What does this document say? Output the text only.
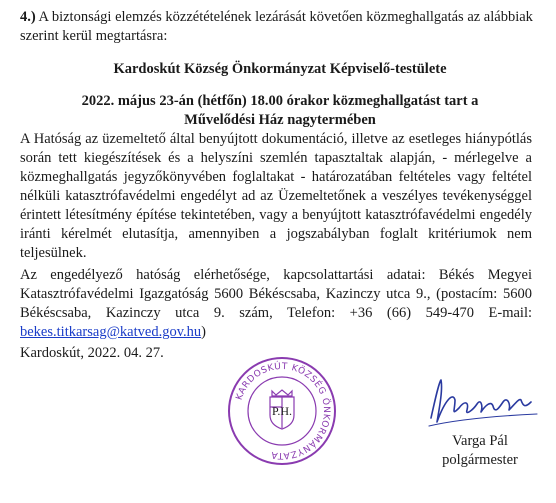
4.) A biztonsági elemzés közzétételének lezárását követően közmeghallgatás az alábbiak szerint kerül megtartásra:
Kardoskút Község Önkormányzat Képviselő-testülete
2022. május 23-án (hétfőn) 18.00 órakor közmeghallgatást tart a
Művelődési Ház nagytermében
A Hatóság az üzemeltető által benyújtott dokumentáció, illetve az esetleges hiánypótlás során tett kiegészítések és a helyszíni szemlén tapasztaltak alapján, - mérlegelve a közmeghallgatás jegyzőkönyvében foglaltakat - határozatában feltételes vagy feltétel nélküli katasztrófavédelmi engedélyt ad az Üzemeltetőnek a veszélyes tevékenységgel érintett létesítmény építése tekintetében, vagy a benyújtott katasztrófavédelmi engedély iránti kérelmét elutasítja, amennyiben a jogszabályban foglalt kritériumok nem teljesülnek.
Az engedélyező hatóság elérhetősége, kapcsolattartási adatai: Békés Megyei Katasztrófavédelmi Igazgatóság 5600 Békéscsaba, Kazinczy utca 9., (postacím: 5600 Békéscsaba, Kazinczy utca 9. szám, Telefon: +36 (66) 549-470 E-mail: bekes.titkarsag@katved.gov.hu)
Kardoskút, 2022. 04. 27.
KARDOSKÚT KÖZSÉG ÖNKORMÁNYZATA
P.H.
Varga Pál
polgármester
